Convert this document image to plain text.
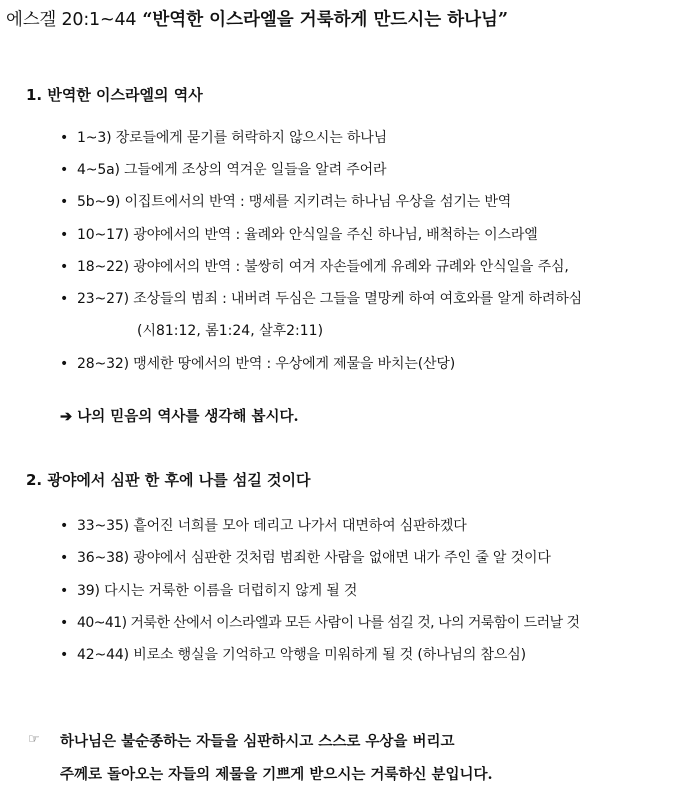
에스겔 20:1~44 “반역한 이스라엘을 거룩하게 만드시는 하나님”
1. 반역한 이스라엘의 역사
• 1~3) 장로들에게 묻기를 허락하지 않으시는 하나님
• 4~5a) 그들에게 조상의 역겨운 일들을 알려 주어라
• 5b~9) 이집트에서의 반역 : 맹세를 지키려는 하나님 우상을 섬기는 반역
• 10~17) 광야에서의 반역 : 율례와 안식일을 주신 하나님, 배척하는 이스라엘
• 18~22) 광야에서의 반역 : 불쌍히 여겨 자손들에게 유례와 규례와 안식일을 주심,
• 23~27) 조상들의 범죄 : 내버려 두심은 그들을 멸망케 하여 여호와를 알게 하려하심
(시81:12, 롬1:24, 살후2:11)
• 28~32) 맹세한 땅에서의 반역 : 우상에게 제물을 바치는(산당)
➔ 나의 믿음의 역사를 생각해 봅시다.
2. 광야에서 심판 한 후에 나를 섬길 것이다
• 33~35) 흩어진 너희를 모아 데리고 나가서 대면하여 심판하겠다
• 36~38) 광야에서 심판한 것처럼 범죄한 사람을 없애면 내가 주인 줄 알 것이다
• 39) 다시는 거룩한 이름을 더럽히지 않게 될 것
• 40~41) 거룩한 산에서 이스라엘과 모든 사람이 나를 섬길 것, 나의 거룩함이 드러날 것
• 42~44) 비로소 행실을 기억하고 악행을 미워하게 될 것 (하나님의 참으심)
☞ 하나님은 불순종하는 자들을 심판하시고 스스로 우상을 버리고
주께로 돌아오는 자들의 제물을 기쁘게 받으시는 거룩하신 분입니다.
